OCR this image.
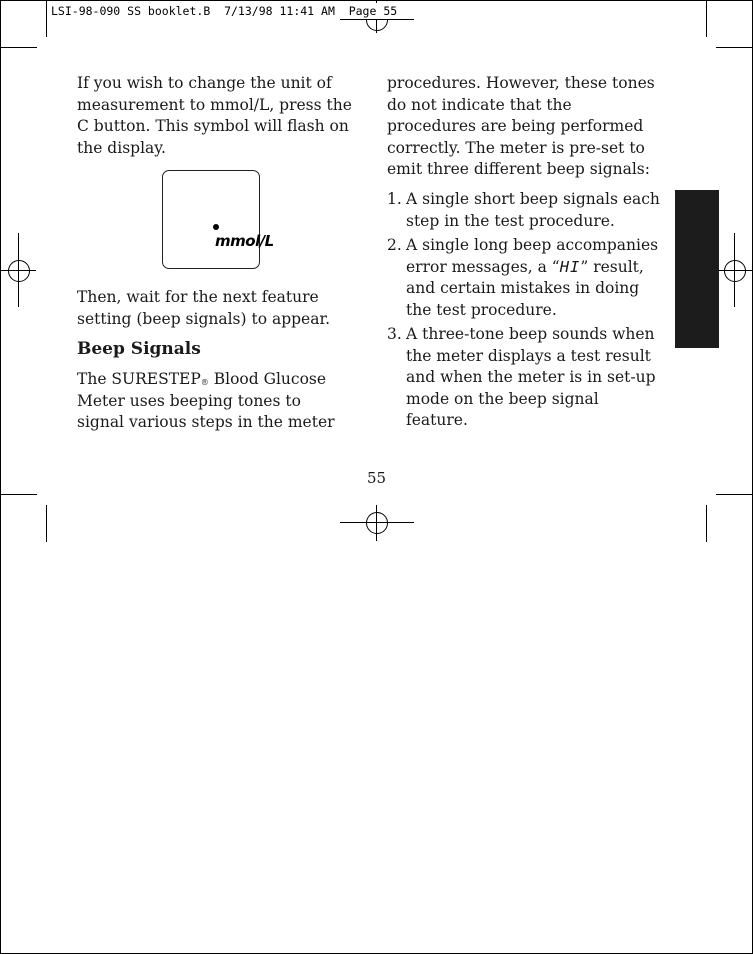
LSI-98-090 SS booklet.B  7/13/98 11:41 AM  Page 55

If you wish to change the unit of measurement to mmol/L, press the C button. This symbol will flash on the display.

mmol/L

Then, wait for the next feature setting (beep signals) to appear.

Beep Signals

The SURESTEP® Blood Glucose Meter uses beeping tones to signal various steps in the meter

procedures. However, these tones do not indicate that the procedures are being performed correctly. The meter is pre-set to emit three different beep signals:

1. A single short beep signals each step in the test procedure.
2. A single long beep accompanies error messages, a “HI” result, and certain mistakes in doing the test procedure.
3. A three-tone beep sounds when the meter displays a test result and when the meter is in set-up mode on the beep signal feature.
55
